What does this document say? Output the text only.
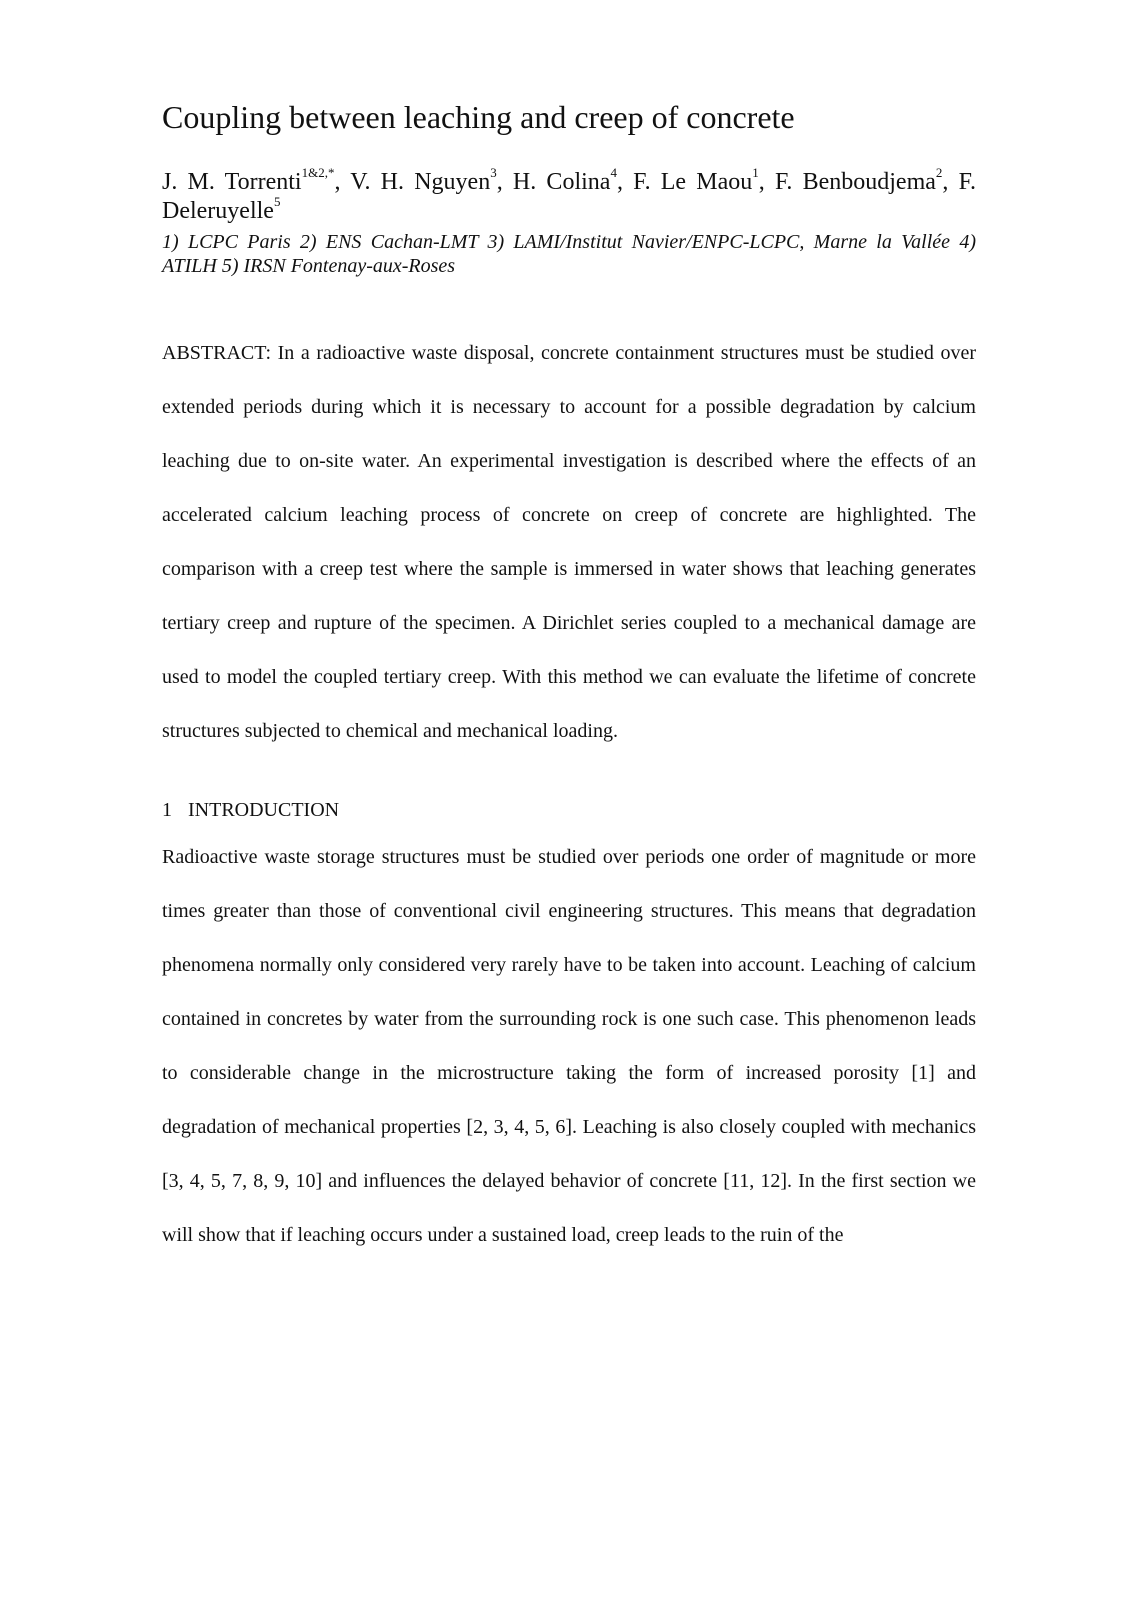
Coupling between leaching and creep of concrete
J. M. Torrenti$^{1\&2,*}$, V. H. Nguyen$^3$, H. Colina$^4$, F. Le Maou$^1$, F. Benboudjema$^2$, F. Deleruyelle$^5$
1) LCPC Paris 2) ENS Cachan-LMT 3) LAMI/Institut Navier/ENPC-LCPC, Marne la Vallée 4) ATILH 5) IRSN Fontenay-aux-Roses

ABSTRACT: In a radioactive waste disposal, concrete containment structures must be studied over extended periods during which it is necessary to account for a possible degradation by calcium leaching due to on-site water. An experimental investigation is described where the effects of an accelerated calcium leaching process of concrete on creep of concrete are highlighted. The comparison with a creep test where the sample is immersed in water shows that leaching generates tertiary creep and rupture of the specimen. A Dirichlet series coupled to a mechanical damage are used to model the coupled tertiary creep. With this method we can evaluate the lifetime of concrete structures subjected to chemical and mechanical loading.

1 INTRODUCTION

Radioactive waste storage structures must be studied over periods one order of magnitude or more times greater than those of conventional civil engineering structures. This means that degradation phenomena normally only considered very rarely have to be taken into account. Leaching of calcium contained in concretes by water from the surrounding rock is one such case. This phenomenon leads to considerable change in the microstructure taking the form of increased porosity [1] and degradation of mechanical properties [2, 3, 4, 5, 6]. Leaching is also closely coupled with mechanics [3, 4, 5, 7, 8, 9, 10] and influences the delayed behavior of concrete [11, 12]. In the first section we will show that if leaching occurs under a sustained load, creep leads to the ruin of the
